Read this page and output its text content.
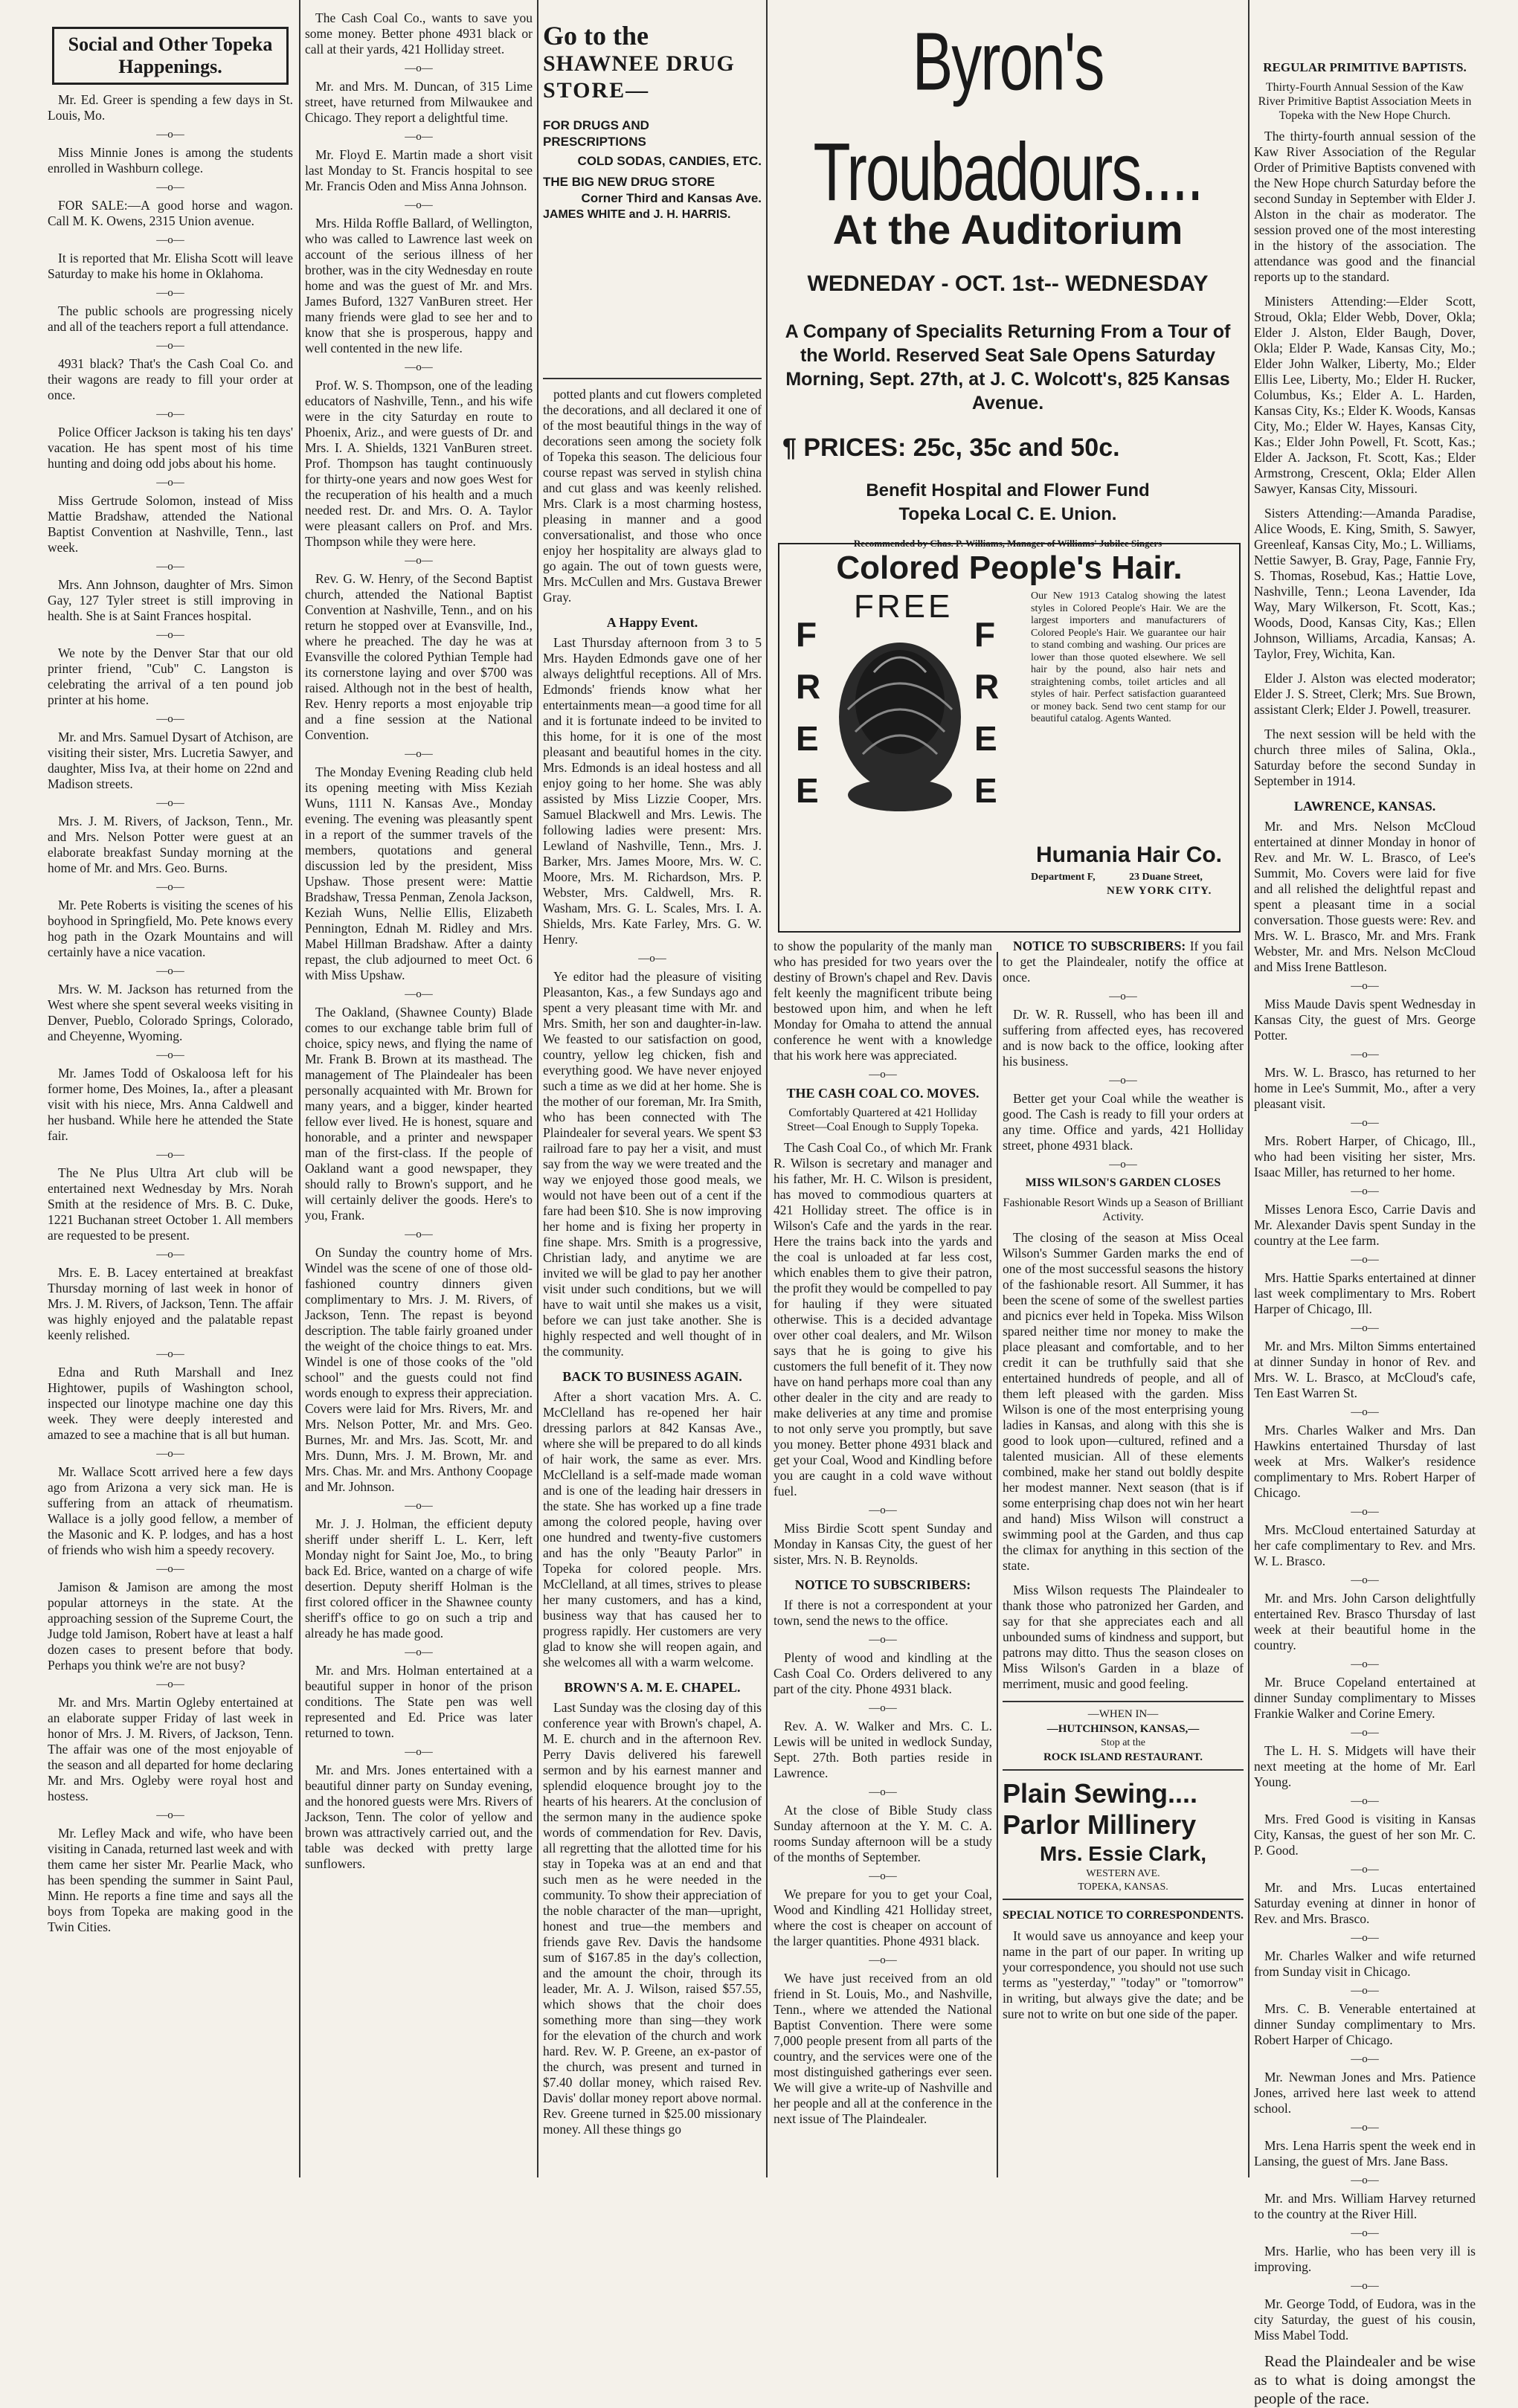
Social and Other Topeka Happenings.

Mr. Ed. Greer is spending a few days in St. Louis, Mo.

—o—

Miss Minnie Jones is among the students enrolled in Washburn college.

—o—

FOR SALE:—A good horse and wagon. Call M. K. Owens, 2315 Union avenue.

—o—

It is reported that Mr. Elisha Scott will leave Saturday to make his home in Oklahoma.

—o—

The public schools are progressing nicely and all of the teachers report a full attendance.

—o—

4931 black? That's the Cash Coal Co. and their wagons are ready to fill your order at once.

—o—

Police Officer Jackson is taking his ten days' vacation. He has spent most of his time hunting and doing odd jobs about his home.

—o—

Miss Gertrude Solomon, instead of Miss Mattie Bradshaw, attended the National Baptist Convention at Nashville, Tenn., last week.

—o—

Mrs. Ann Johnson, daughter of Mrs. Simon Gay, 127 Tyler street is still improving in health. She is at Saint Frances hospital.

—o—

We note by the Denver Star that our old printer friend, "Cub" C. Langston is celebrating the arrival of a ten pound job printer at his home.

—o—

Mr. and Mrs. Samuel Dysart of Atchison, are visiting their sister, Mrs. Lucretia Sawyer, and daughter, Miss Iva, at their home on 22nd and Madison streets.

—o—

Mrs. J. M. Rivers, of Jackson, Tenn., Mr. and Mrs. Nelson Potter were guest at an elaborate breakfast Sunday morning at the home of Mr. and Mrs. Geo. Burns.

—o—

Mr. Pete Roberts is visiting the scenes of his boyhood in Springfield, Mo. Pete knows every hog path in the Ozark Mountains and will certainly have a nice vacation.

—o—

Mrs. W. M. Jackson has returned from the West where she spent several weeks visiting in Denver, Pueblo, Colorado Springs, Colorado, and Cheyenne, Wyoming.

—o—

Mr. James Todd of Oskaloosa left for his former home, Des Moines, Ia., after a pleasant visit with his niece, Mrs. Anna Caldwell and her husband. While here he attended the State fair.

—o—

The Ne Plus Ultra Art club will be entertained next Wednesday by Mrs. Norah Smith at the residence of Mrs. B. C. Duke, 1221 Buchanan street October 1. All members are requested to be present.

—o—

Mrs. E. B. Lacey entertained at breakfast Thursday morning of last week in honor of Mrs. J. M. Rivers, of Jackson, Tenn. The affair was highly enjoyed and the palatable repast keenly relished.

—o—

Edna and Ruth Marshall and Inez Hightower, pupils of Washington school, inspected our linotype machine one day this week. They were deeply interested and amazed to see a machine that is all but human.

—o—

Mr. Wallace Scott arrived here a few days ago from Arizona a very sick man. He is suffering from an attack of rheumatism. Wallace is a jolly good fellow, a member of the Masonic and K. P. lodges, and has a host of friends who wish him a speedy recovery.

—o—

Jamison & Jamison are among the most popular attorneys in the state. At the approaching session of the Supreme Court, the Judge told Jamison, Robert have at least a half dozen cases to present before that body. Perhaps you think we're are not busy?

—o—

Mr. and Mrs. Martin Ogleby entertained at an elaborate supper Friday of last week in honor of Mrs. J. M. Rivers, of Jackson, Tenn. The affair was one of the most enjoyable of the season and all departed for home declaring Mr. and Mrs. Ogleby were royal host and hostess.

—o—

Mr. Lefley Mack and wife, who have been visiting in Canada, returned last week and with them came her sister Mr. Pearlie Mack, who has been spending the summer in Saint Paul, Minn. He reports a fine time and says all the boys from Topeka are making good in the Twin Cities.

The Cash Coal Co., wants to save you some money. Better phone 4931 black or call at their yards, 421 Holliday street.

—o—

Mr. and Mrs. M. Duncan, of 315 Lime street, have returned from Milwaukee and Chicago. They report a delightful time.

—o—

Mr. Floyd E. Martin made a short visit last Monday to St. Francis hospital to see Mr. Francis Oden and Miss Anna Johnson.

—o—

Mrs. Hilda Roffle Ballard, of Wellington, who was called to Lawrence last week on account of the serious illness of her brother, was in the city Wednesday en route home and was the guest of Mr. and Mrs. James Buford, 1327 VanBuren street. Her many friends were glad to see her and to know that she is prosperous, happy and well contented in the new life.

—o—

Prof. W. S. Thompson, one of the leading educators of Nashville, Tenn., and his wife were in the city Saturday en route to Phoenix, Ariz., and were guests of Dr. and Mrs. I. A. Shields, 1321 VanBuren street. Prof. Thompson has taught continuously for thirty-one years and now goes West for the recuperation of his health and a much needed rest. Dr. and Mrs. O. A. Taylor were pleasant callers on Prof. and Mrs. Thompson while they were here.

—o—

Rev. G. W. Henry, of the Second Baptist church, attended the National Baptist Convention at Nashville, Tenn., and on his return he stopped over at Evansville, Ind., where he preached. The day he was at Evansville the colored Pythian Temple had its cornerstone laying and over $700 was raised. Although not in the best of health, Rev. Henry reports a most enjoyable trip and a fine session at the National Convention.

—o—

The Monday Evening Reading club held its opening meeting with Miss Keziah Wuns, 1111 N. Kansas Ave., Monday evening. The evening was pleasantly spent in a report of the summer travels of the members, quotations and general discussion led by the president, Miss Upshaw. Those present were: Mattie Bradshaw, Tressa Penman, Zenola Jackson, Keziah Wuns, Nellie Ellis, Elizabeth Pennington, Ednah M. Ridley and Mrs. Mabel Hillman Bradshaw. After a dainty repast, the club adjourned to meet Oct. 6 with Miss Upshaw.

—o—

The Oakland, (Shawnee County) Blade comes to our exchange table brim full of choice, spicy news, and flying the name of Mr. Frank B. Brown at its masthead. The management of The Plaindealer has been personally acquainted with Mr. Brown for many years, and a bigger, kinder hearted fellow ever lived. He is honest, square and honorable, and a printer and newspaper man of the first-class. If the people of Oakland want a good newspaper, they should rally to Brown's support, and he will certainly deliver the goods. Here's to you, Frank.

—o—

On Sunday the country home of Mrs. Windel was the scene of one of those old-fashioned country dinners given complimentary to Mrs. J. M. Rivers, of Jackson, Tenn. The repast is beyond description. The table fairly groaned under the weight of the choice things to eat. Mrs. Windel is one of those cooks of the "old school" and the guests could not find words enough to express their appreciation. Covers were laid for Mrs. Rivers, Mr. and Mrs. Nelson Potter, Mr. and Mrs. Geo. Burnes, Mr. and Mrs. Jas. Scott, Mr. and Mrs. Dunn, Mrs. J. M. Brown, Mr. and Mrs. Chas. Mr. and Mrs. Anthony Coopage and Mr. Johnson.

—o—

Mr. J. J. Holman, the efficient deputy sheriff under sheriff L. L. Kerr, left Monday night for Saint Joe, Mo., to bring back Ed. Brice, wanted on a charge of wife desertion. Deputy sheriff Holman is the first colored officer in the Shawnee county sheriff's office to go on such a trip and already he has made good.

—o—

Mr. and Mrs. Holman entertained at a beautiful supper in honor of the prison conditions. The State pen was well represented and Ed. Price was later returned to town.

—o—

Mr. and Mrs. Jones entertained with a beautiful dinner party on Sunday evening, and the honored guests were Mrs. Rivers of Jackson, Tenn. The color of yellow and brown was attractively carried out, and the table was decked with pretty large sunflowers.

Go to the
SHAWNEE DRUG
STORE—
FOR DRUGS AND PRESCRIPTIONS
COLD SODAS, CANDIES, ETC.
THE BIG NEW DRUG STORE
Corner Third and Kansas Ave.
JAMES WHITE and J. H. HARRIS.

potted plants and cut flowers completed the decorations, and all declared it one of of the most beautiful things in the way of decorations seen among the society folk of Topeka this season. The delicious four course repast was served in stylish china and cut glass and was keenly relished. Mrs. Clark is a most charming hostess, pleasing in manner and a good conversationalist, and those who once enjoy her hospitality are always glad to go again. The out of town guests were, Mrs. McCullen and Mrs. Gustava Brewer Gray.

A Happy Event.

Last Thursday afternoon from 3 to 5 Mrs. Hayden Edmonds gave one of her always delightful receptions. All of Mrs. Edmonds' friends know what her entertainments mean—a good time for all and it is fortunate indeed to be invited to this home, for it is one of the most pleasant and beautiful homes in the city. Mrs. Edmonds is an ideal hostess and all enjoy going to her home. She was ably assisted by Miss Lizzie Cooper, Mrs. Samuel Blackwell and Mrs. Lewis. The following ladies were present: Mrs. Lewland of Nashville, Tenn., Mrs. J. Barker, Mrs. James Moore, Mrs. W. C. Moore, Mrs. M. Richardson, Mrs. P. Webster, Mrs. Caldwell, Mrs. R. Washam, Mrs. G. L. Scales, Mrs. I. A. Shields, Mrs. Kate Farley, Mrs. G. W. Henry.

—o—

Ye editor had the pleasure of visiting Pleasanton, Kas., a few Sundays ago and spent a very pleasant time with Mr. and Mrs. Smith, her son and daughter-in-law. We feasted to our satisfaction on good, country, yellow leg chicken, fish and everything good. We have never enjoyed such a time as we did at her home. She is the mother of our foreman, Mr. Ira Smith, who has been connected with The Plaindealer for several years. We spent $3 railroad fare to pay her a visit, and must say from the way we were treated and the way we enjoyed those good meals, we would not have been out of a cent if the fare had been $10. She is now improving her home and is fixing her property in fine shape. Mrs. Smith is a progressive, Christian lady, and anytime we are invited we will be glad to pay her another visit under such conditions, but we will have to wait until she makes us a visit, before we can just take another. She is highly respected and well thought of in the community.

BACK TO BUSINESS AGAIN.

After a short vacation Mrs. A. C. McClelland has re-opened her hair dressing parlors at 842 Kansas Ave., where she will be prepared to do all kinds of hair work, the same as ever. Mrs. McClelland is a self-made made woman and is one of the leading hair dressers in the state. She has worked up a fine trade among the colored people, having over one hundred and twenty-five customers and has the only "Beauty Parlor" in Topeka for colored people. Mrs. McClelland, at all times, strives to please her many customers, and has a kind, business way that has caused her to progress rapidly. Her customers are very glad to know she will reopen again, and she welcomes all with a warm welcome.

BROWN'S A. M. E. CHAPEL.

Last Sunday was the closing day of this conference year with Brown's chapel, A. M. E. church and in the afternoon Rev. Perry Davis delivered his farewell sermon and by his earnest manner and splendid eloquence brought joy to the hearts of his hearers. At the conclusion of the sermon many in the audience spoke words of commendation for Rev. Davis, all regretting that the allotted time for his stay in Topeka was at an end and that such men as he were needed in the community. To show their appreciation of the noble character of the man—upright, honest and true—the members and friends gave Rev. Davis the handsome sum of $167.85 in the day's collection, and the amount the choir, through its leader, Mr. A. J. Wilson, raised $57.55, which shows that the choir does something more than sing—they work for the elevation of the church and work hard. Rev. W. P. Greene, an ex-pastor of the church, was present and turned in $7.40 dollar money, which raised Rev. Davis' dollar money report above normal. Rev. Greene turned in $25.00 missionary money. All these things go

Byron's Troubadours....
At the Auditorium
WEDNEDAY - OCT. 1st-- WEDNESDAY
A Company of Specialits Returning From a Tour of the World. Reserved Seat Sale Opens Saturday Morning, Sept. 27th, at J. C. Wolcott's, 825 Kansas Avenue.
¶ PRICES: 25c, 35c and 50c.
Benefit Hospital and Flower Fund
Topeka Local C. E. Union.
Recommended by Chas. P. Williams, Manager of Williams' Jubilee Singers
Colored People's Hair.
FREE
F
R
E
E
F
R
E
E
Our New 1913 Catalog showing the latest styles in Colored People's Hair. We are the largest importers and manufacturers of Colored People's Hair. We guarantee our hair to stand combing and washing. Our prices are lower than those quoted elsewhere. We sell hair by the pound, also hair nets and straightening combs, toilet articles and all styles of hair. Perfect satisfaction guaranteed or money back. Send two cent stamp for our beautiful catalog. Agents Wanted.
Humania Hair Co.
Department F,	23 Duane Street,
NEW YORK CITY.

to show the popularity of the manly man who has presided for two years over the destiny of Brown's chapel and Rev. Davis felt keenly the magnificent tribute being bestowed upon him, and when he left Monday for Omaha to attend the annual conference he went with a knowledge that his work here was appreciated.

—o—
THE CASH COAL CO. MOVES.
Comfortably Quartered at 421 Holliday Street—Coal Enough to Supply Topeka.

The Cash Coal Co., of which Mr. Frank R. Wilson is secretary and manager and his father, Mr. H. C. Wilson is president, has moved to commodious quarters at 421 Holliday street. The office is in Wilson's Cafe and the yards in the rear. Here the trains back into the yards and the coal is unloaded at far less cost, which enables them to give their patron, the profit they would be compelled to pay for hauling if they were situated otherwise. This is a decided advantage over other coal dealers, and Mr. Wilson says that he is going to give his customers the full benefit of it. They now have on hand perhaps more coal than any other dealer in the city and are ready to make deliveries at any time and promise to not only serve you promptly, but save you money. Better phone 4931 black and get your Coal, Wood and Kindling before you are caught in a cold wave without fuel.

—o—

Miss Birdie Scott spent Sunday and Monday in Kansas City, the guest of her sister, Mrs. N. B. Reynolds.

NOTICE TO SUBSCRIBERS:

If there is not a correspondent at your town, send the news to the office.

—o—

Plenty of wood and kindling at the Cash Coal Co. Orders delivered to any part of the city. Phone 4931 black.

—o—

Rev. A. W. Walker and Mrs. C. L. Lewis will be united in wedlock Sunday, Sept. 27th. Both parties reside in Lawrence.

—o—

At the close of Bible Study class Sunday afternoon at the Y. M. C. A. rooms Sunday afternoon will be a study of the months of September.

—o—

We prepare for you to get your Coal, Wood and Kindling 421 Holliday street, where the cost is cheaper on account of the larger quantities. Phone 4931 black.

—o—

We have just received from an old friend in St. Louis, Mo., and Nashville, Tenn., where we attended the National Baptist Convention. There were some 7,000 people present from all parts of the country, and the services were one of the most distinguished gatherings ever seen. We will give a write-up of Nashville and her people and all at the conference in the next issue of The Plaindealer.

NOTICE TO SUBSCRIBERS: If you fail to get the Plaindealer, notify the office at once.

—o—

Dr. W. R. Russell, who has been ill and suffering from affected eyes, has recovered and is now back to the office, looking after his business.

—o—

Better get your Coal while the weather is good. The Cash is ready to fill your orders at any time. Office and yards, 421 Holliday street, phone 4931 black.

—o—
MISS WILSON'S GARDEN CLOSES
Fashionable Resort Winds up a Season of Brilliant Activity.

The closing of the season at Miss Oceal Wilson's Summer Garden marks the end of one of the most successful seasons the history of the fashionable resort. All Summer, it has been the scene of some of the swellest parties and picnics ever held in Topeka. Miss Wilson spared neither time nor money to make the place pleasant and comfortable, and to her credit it can be truthfully said that she entertained hundreds of people, and all of them left pleased with the garden. Miss Wilson is one of the most enterprising young ladies in Kansas, and along with this she is good to look upon—cultured, refined and a talented musician. All of these elements combined, make her stand out boldly despite her modest manner. Next season (that is if some enterprising chap does not win her heart and hand) Miss Wilson will construct a swimming pool at the Garden, and thus cap the climax for anything in this section of the state.

Miss Wilson requests The Plaindealer to thank those who patronized her Garden, and say for that she appreciates each and all unbounded sums of kindness and support, but patrons may ditto. Thus the season closes on Miss Wilson's Garden in a blaze of merriment, music and good feeling.

—WHEN IN—
—HUTCHINSON, KANSAS,—
Stop at the
ROCK ISLAND RESTAURANT.
Plain Sewing....
Parlor Millinery
Mrs. Essie Clark,
WESTERN AVE.
TOPEKA, KANSAS.
SPECIAL NOTICE TO CORRESPONDENTS.

It would save us annoyance and keep your name in the part of our paper. In writing up your correspondence, you should not use such terms as "yesterday," "today" or "tomorrow" in writing, but always give the date; and be sure not to write on but one side of the paper.

REGULAR PRIMITIVE BAPTISTS.
Thirty-Fourth Annual Session of the Kaw River Primitive Baptist Association Meets in Topeka with the New Hope Church.

The thirty-fourth annual session of the Kaw River Association of the Regular Order of Primitive Baptists convened with the New Hope church Saturday before the second Sunday in September with Elder J. Alston in the chair as moderator. The session proved one of the most interesting in the history of the association. The attendance was good and the financial reports up to the standard.

Ministers Attending:—Elder Scott, Stroud, Okla; Elder Webb, Dover, Okla; Elder J. Alston, Elder Baugh, Dover, Okla; Elder P. Wade, Kansas City, Mo.; Elder John Walker, Liberty, Mo.; Elder Ellis Lee, Liberty, Mo.; Elder H. Rucker, Columbus, Ks.; Elder A. L. Harden, Kansas City, Ks.; Elder K. Woods, Kansas City, Mo.; Elder W. Hayes, Kansas City, Kas.; Elder John Powell, Ft. Scott, Kas.; Elder A. Jackson, Ft. Scott, Kas.; Elder Armstrong, Crescent, Okla; Elder Allen Sawyer, Kansas City, Missouri.

Sisters Attending:—Amanda Paradise, Alice Woods, E. King, Smith, S. Sawyer, Greenleaf, Kansas City, Mo.; L. Williams, Nettie Sawyer, B. Gray, Page, Fannie Fry, S. Thomas, Rosebud, Kas.; Hattie Love, Nashville, Tenn.; Leona Lavender, Ida Way, Mary Wilkerson, Ft. Scott, Kas.; Woods, Dood, Kansas City, Kas.; Ellen Johnson, Williams, Arcadia, Kansas; A. Taylor, Frey, Wichita, Kan.

Elder J. Alston was elected moderator; Elder J. S. Street, Clerk; Mrs. Sue Brown, assistant Clerk; Elder J. Powell, treasurer.

The next session will be held with the church three miles of Salina, Okla., Saturday before the second Sunday in September in 1914.

LAWRENCE, KANSAS.

Mr. and Mrs. Nelson McCloud entertained at dinner Monday in honor of Rev. and Mr. W. L. Brasco, of Lee's Summit, Mo. Covers were laid for five and all relished the delightful repast and spent a pleasant time in a social conversation. Those guests were: Rev. and Mrs. W. L. Brasco, Mr. and Mrs. Frank Webster, Mr. and Mrs. Nelson McCloud and Miss Irene Battleson.

—o—

Miss Maude Davis spent Wednesday in Kansas City, the guest of Mrs. George Potter.

—o—

Mrs. W. L. Brasco, has returned to her home in Lee's Summit, Mo., after a very pleasant visit.

—o—

Mrs. Robert Harper, of Chicago, Ill., who had been visiting her sister, Mrs. Isaac Miller, has returned to her home.

—o—

Misses Lenora Esco, Carrie Davis and Mr. Alexander Davis spent Sunday in the country at the Lee farm.

—o—

Mrs. Hattie Sparks entertained at dinner last week complimentary to Mrs. Robert Harper of Chicago, Ill.

—o—

Mr. and Mrs. Milton Simms entertained at dinner Sunday in honor of Rev. and Mrs. W. L. Brasco, at McCloud's cafe, Ten East Warren St.

—o—

Mrs. Charles Walker and Mrs. Dan Hawkins entertained Thursday of last week at Mrs. Walker's residence complimentary to Mrs. Robert Harper of Chicago.

—o—

Mrs. McCloud entertained Saturday at her cafe complimentary to Rev. and Mrs. W. L. Brasco.

—o—

Mr. and Mrs. John Carson delightfully entertained Rev. Brasco Thursday of last week at their beautiful home in the country.

—o—

Mr. Bruce Copeland entertained at dinner Sunday complimentary to Misses Frankie Walker and Corine Emery.

—o—

The L. H. S. Midgets will have their next meeting at the home of Mr. Earl Young.

—o—

Mrs. Fred Good is visiting in Kansas City, Kansas, the guest of her son Mr. C. P. Good.

—o—

Mr. and Mrs. Lucas entertained Saturday evening at dinner in honor of Rev. and Mrs. Brasco.

—o—

Mr. Charles Walker and wife returned from Sunday visit in Chicago.

—o—

Mrs. C. B. Venerable entertained at dinner Sunday complimentary to Mrs. Robert Harper of Chicago.

—o—

Mr. Newman Jones and Mrs. Patience Jones, arrived here last week to attend school.

—o—

Mrs. Lena Harris spent the week end in Lansing, the guest of Mrs. Jane Bass.

—o—

Mr. and Mrs. William Harvey returned to the country at the River Hill.

—o—

Mrs. Harlie, who has been very ill is improving.

—o—

Mr. George Todd, of Eudora, was in the city Saturday, the guest of his cousin, Miss Mabel Todd.

Read the Plaindealer and be wise as to what is doing amongst the people of the race.
